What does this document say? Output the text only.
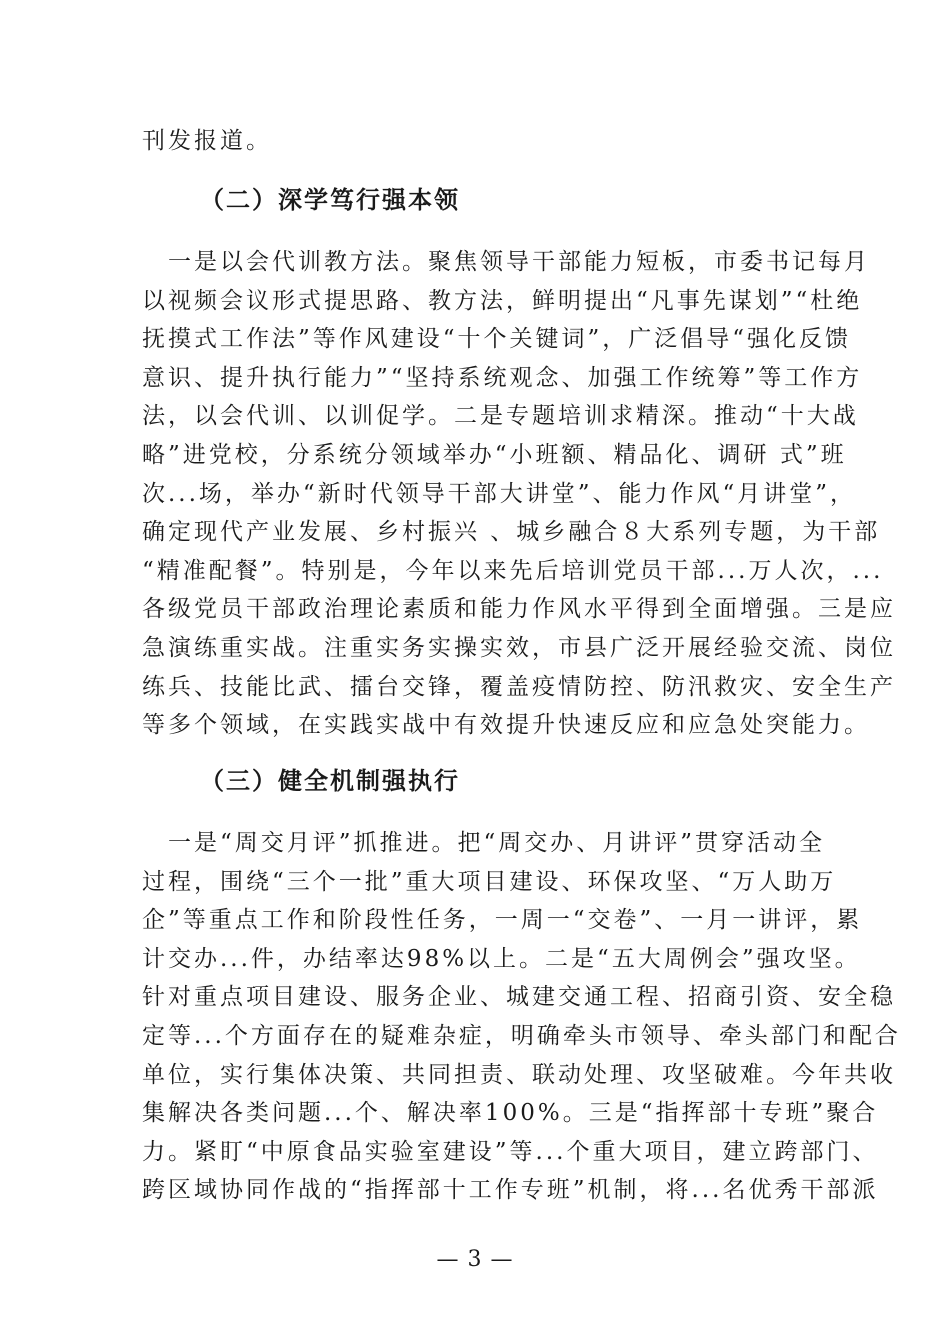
刊发报道。
（二）深学笃行强本领
　一是以会代训教方法。聚焦领导干部能力短板，市委书记每月
以视频会议形式提思路、教方法，鲜明提出“凡事先谋划”“杜绝
抚摸式工作法”等作风建设“十个关键词”，广泛倡导“强化反馈
意识、提升执行能力”“坚持系统观念、加强工作统筹”等工作方
法，以会代训、以训促学。二是专题培训求精深。推动“十大战
略”进党校，分系统分领域举办“小班额、精品化、调研 式”班
次...场，举办“新时代领导干部大讲堂”、能力作风“月讲堂”，
确定现代产业发展、乡村振兴 、城乡融合８大系列专题，为干部
“精准配餐”。特别是，今年以来先后培训党员干部...万人次，...
各级党员干部政治理论素质和能力作风水平得到全面增强。三是应
急演练重实战。注重实务实操实效，市县广泛开展经验交流、岗位
练兵、技能比武、擂台交锋，覆盖疫情防控、防汛救灾、安全生产
等多个领域，在实践实战中有效提升快速反应和应急处突能力。
（三）健全机制强执行
　一是“周交月评”抓推进。把“周交办、月讲评”贯穿活动全
过程，围绕“三个一批”重大项目建设、环保攻坚、“万人助万
企”等重点工作和阶段性任务，一周一“交卷”、一月一讲评，累
计交办...件，办结率达98%以上。二是“五大周例会”强攻坚。
针对重点项目建设、服务企业、城建交通工程、招商引资、安全稳
定等...个方面存在的疑难杂症，明确牵头市领导、牵头部门和配合
单位，实行集体决策、共同担责、联动处理、攻坚破难。今年共收
集解决各类问题...个、解决率100%。三是“指挥部十专班”聚合
力。紧盯“中原食品实验室建设”等...个重大项目，建立跨部门、
跨区域协同作战的“指挥部十工作专班”机制，将...名优秀干部派
— 3 —
